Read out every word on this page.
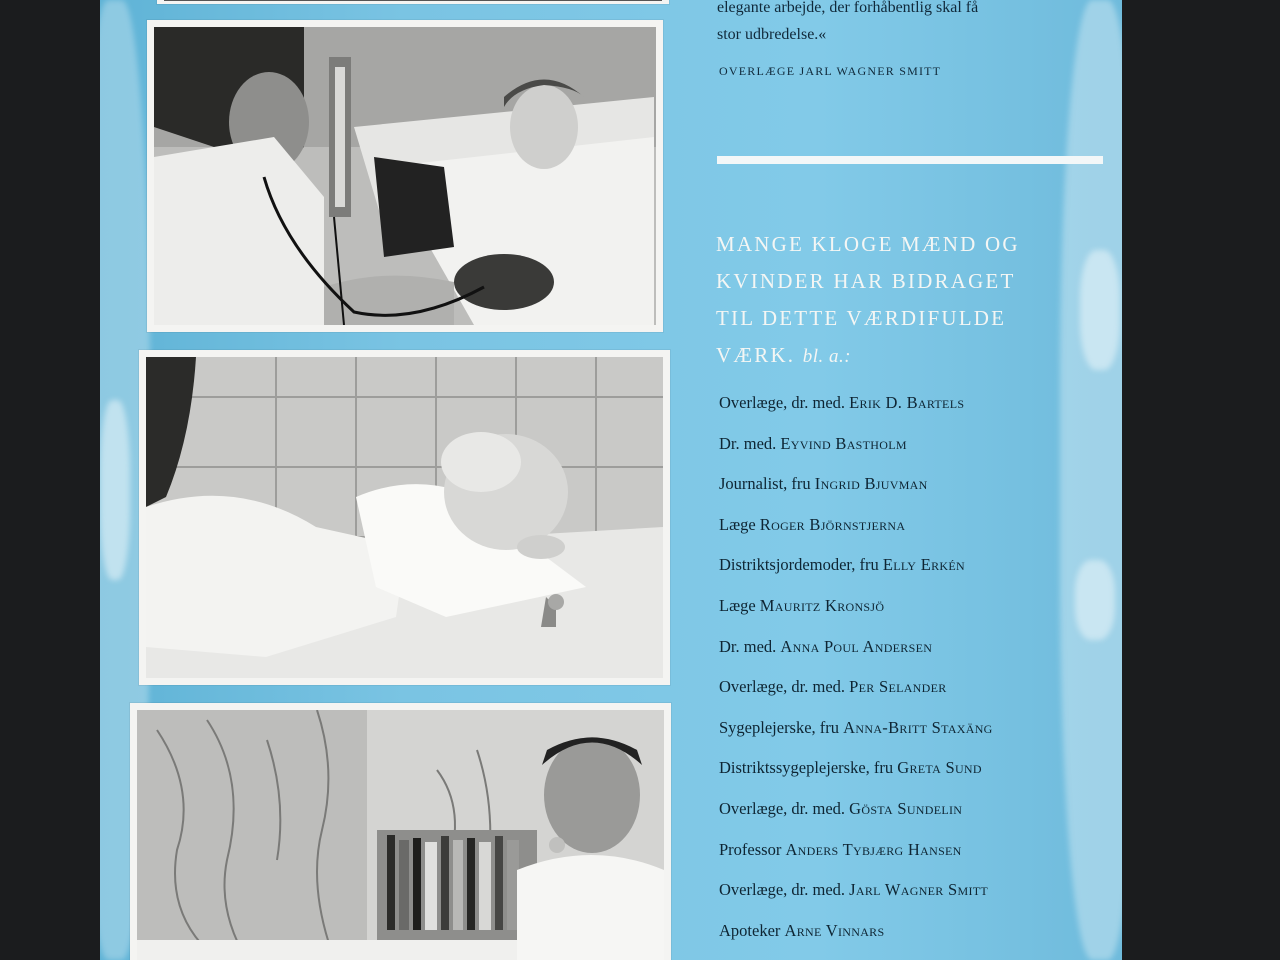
elegante arbejde, der forhåbentlig skal få
stor udbredelse.«
OVERLÆGE JARL WAGNER SMITT
MANGE KLOGE MÆND OG
KVINDER HAR BIDRAGET
TIL DETTE VÆRDIFULDE
VÆRK. bl. a.:
Overlæge, dr. med. Erik D. Bartels
Dr. med. Eyvind Bastholm
Journalist, fru Ingrid Bjuvman
Læge Roger Björnstjerna
Distriktsjordemoder, fru Elly Erkén
Læge Mauritz Kronsjö
Dr. med. Anna Poul Andersen
Overlæge, dr. med. Per Selander
Sygeplejerske, fru Anna-Britt Staxäng
Distriktssygeplejerske, fru Greta Sund
Overlæge, dr. med. Gösta Sundelin
Professor Anders Tybjærg Hansen
Overlæge, dr. med. Jarl Wagner Smitt
Apoteker Arne Vinnars
